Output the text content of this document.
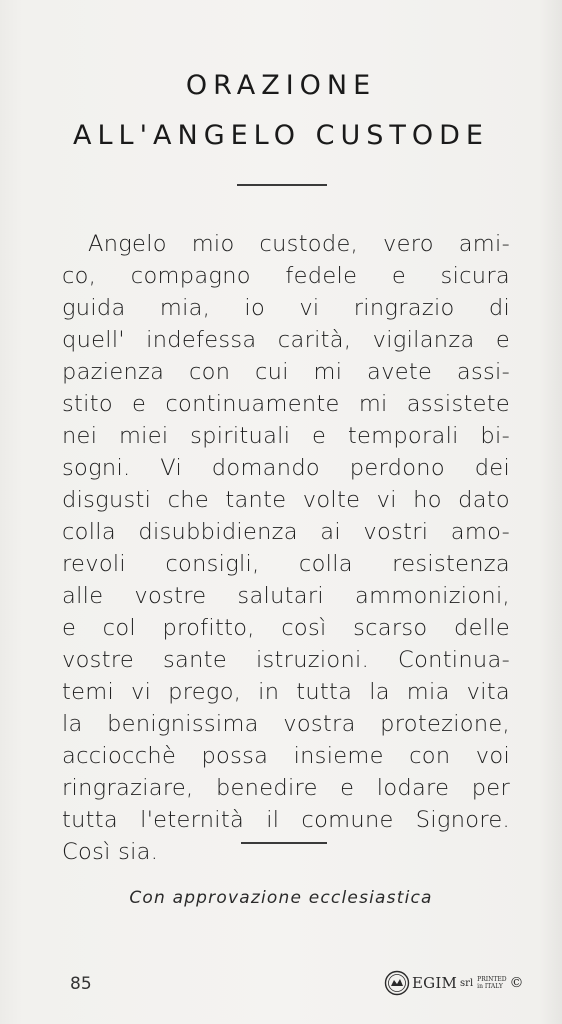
ORAZIONE
ALL'ANGELO CUSTODE
Angelo mio custode, vero ami-
co, compagno fedele e sicura
guida mia, io vi ringrazio di
quell' indefessa carità, vigilanza e
pazienza con cui mi avete assi-
stito e continuamente mi assistete
nei miei spirituali e temporali bi-
sogni. Vi domando perdono dei
disgusti che tante volte vi ho dato
colla disubbidienza ai vostri amo-
revoli consigli, colla resistenza
alle vostre salutari ammonizioni,
e col profitto, così scarso delle
vostre sante istruzioni. Continua-
temi vi prego, in tutta la mia vita
la benignissima vostra protezione,
acciocchè possa insieme con voi
ringraziare, benedire e lodare per
tutta l'eternità il comune Signore.
Così sia.
Con approvazione ecclesiastica
85	EGIM srl PRINTED
in ITALY ©
